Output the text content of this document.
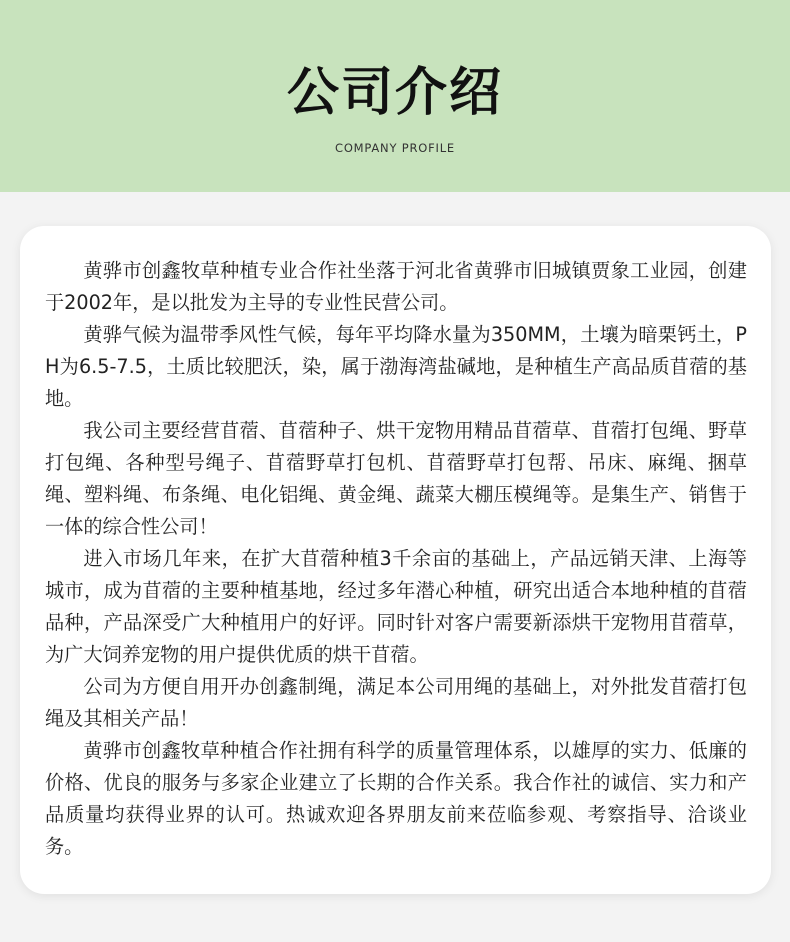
公司介绍
COMPANY PROFILE

黄骅市创鑫牧草种植专业合作社坐落于河北省黄骅市旧城镇贾象工业园，创建于2002年，是以批发为主导的专业性民营公司。

黄骅气候为温带季风性气候，每年平均降水量为350MM，土壤为暗栗钙土，PH为6.5-7.5，土质比较肥沃，染，属于渤海湾盐碱地，是种植生产高品质苜蓿的基地。

我公司主要经营苜蓿、苜蓿种子、烘干宠物用精品苜蓿草、苜蓿打包绳、野草打包绳、各种型号绳子、苜蓿野草打包机、苜蓿野草打包帮、吊床、麻绳、捆草绳、塑料绳、布条绳、电化铝绳、黄金绳、蔬菜大棚压模绳等。是集生产、销售于一体的综合性公司！

进入市场几年来，在扩大苜蓿种植3千余亩的基础上，产品远销天津、上海等城市，成为苜蓿的主要种植基地，经过多年潜心种植，研究出适合本地种植的苜蓿品种，产品深受广大种植用户的好评。同时针对客户需要新添烘干宠物用苜蓿草，为广大饲养宠物的用户提供优质的烘干苜蓿。

公司为方便自用开办创鑫制绳，满足本公司用绳的基础上，对外批发苜蓿打包绳及其相关产品！

黄骅市创鑫牧草种植合作社拥有科学的质量管理体系，以雄厚的实力、低廉的价格、优良的服务与多家企业建立了长期的合作关系。我合作社的诚信、实力和产品质量均获得业界的认可。热诚欢迎各界朋友前来莅临参观、考察指导、洽谈业务。
